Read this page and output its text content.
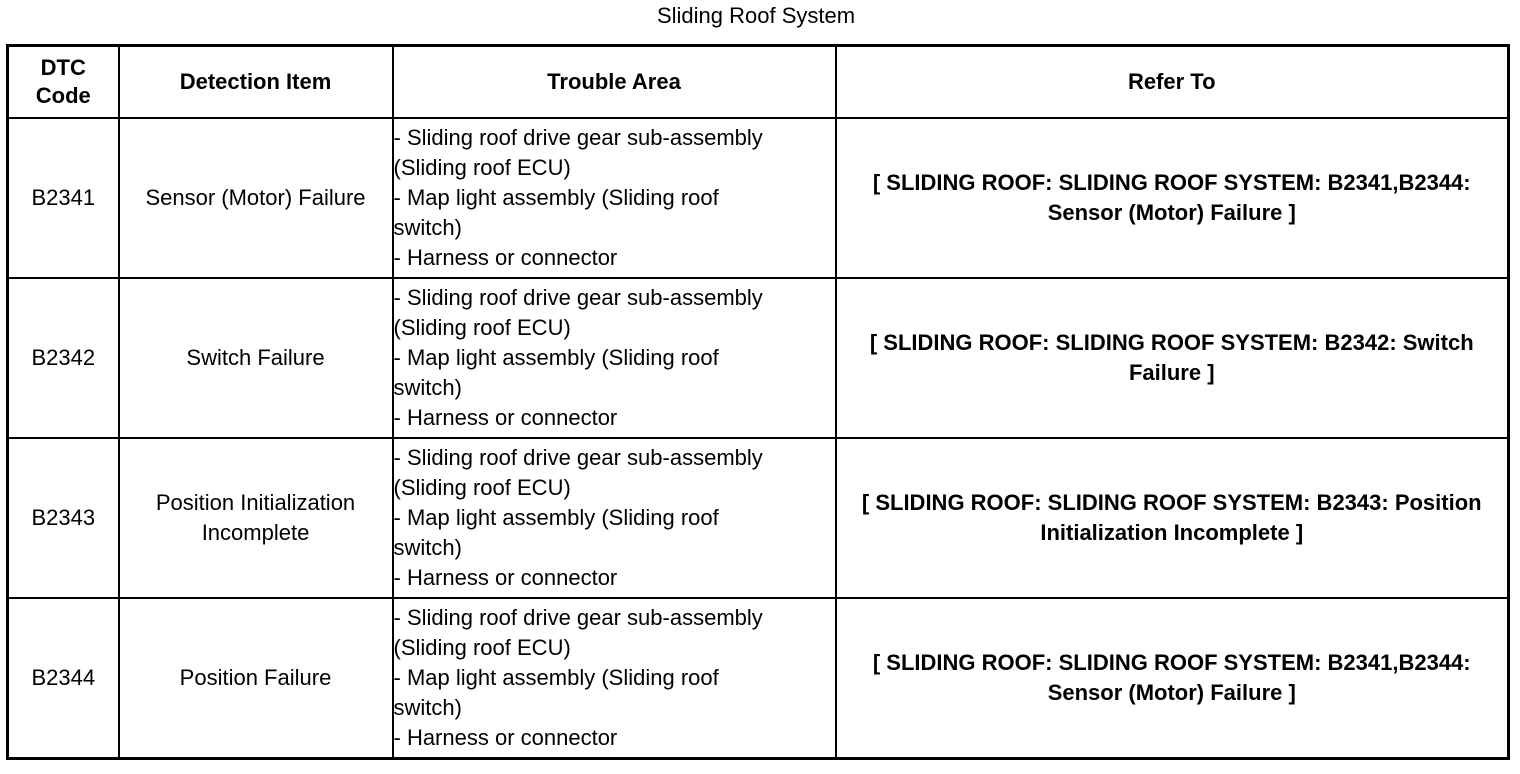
Sliding Roof System
DTC Code	Detection Item	Trouble Area	Refer To
B2341	Sensor (Motor) Failure	- Sliding roof drive gear sub-assembly
(Sliding roof ECU)
- Map light assembly (Sliding roof
switch)
- Harness or connector	[ SLIDING ROOF: SLIDING ROOF SYSTEM: B2341,B2344: Sensor (Motor) Failure ]
B2342	Switch Failure	- Sliding roof drive gear sub-assembly
(Sliding roof ECU)
- Map light assembly (Sliding roof
switch)
- Harness or connector	[ SLIDING ROOF: SLIDING ROOF SYSTEM: B2342: Switch Failure ]
B2343	Position Initialization Incomplete	- Sliding roof drive gear sub-assembly
(Sliding roof ECU)
- Map light assembly (Sliding roof
switch)
- Harness or connector	[ SLIDING ROOF: SLIDING ROOF SYSTEM: B2343: Position Initialization Incomplete ]
B2344	Position Failure	- Sliding roof drive gear sub-assembly
(Sliding roof ECU)
- Map light assembly (Sliding roof
switch)
- Harness or connector	[ SLIDING ROOF: SLIDING ROOF SYSTEM: B2341,B2344: Sensor (Motor) Failure ]
